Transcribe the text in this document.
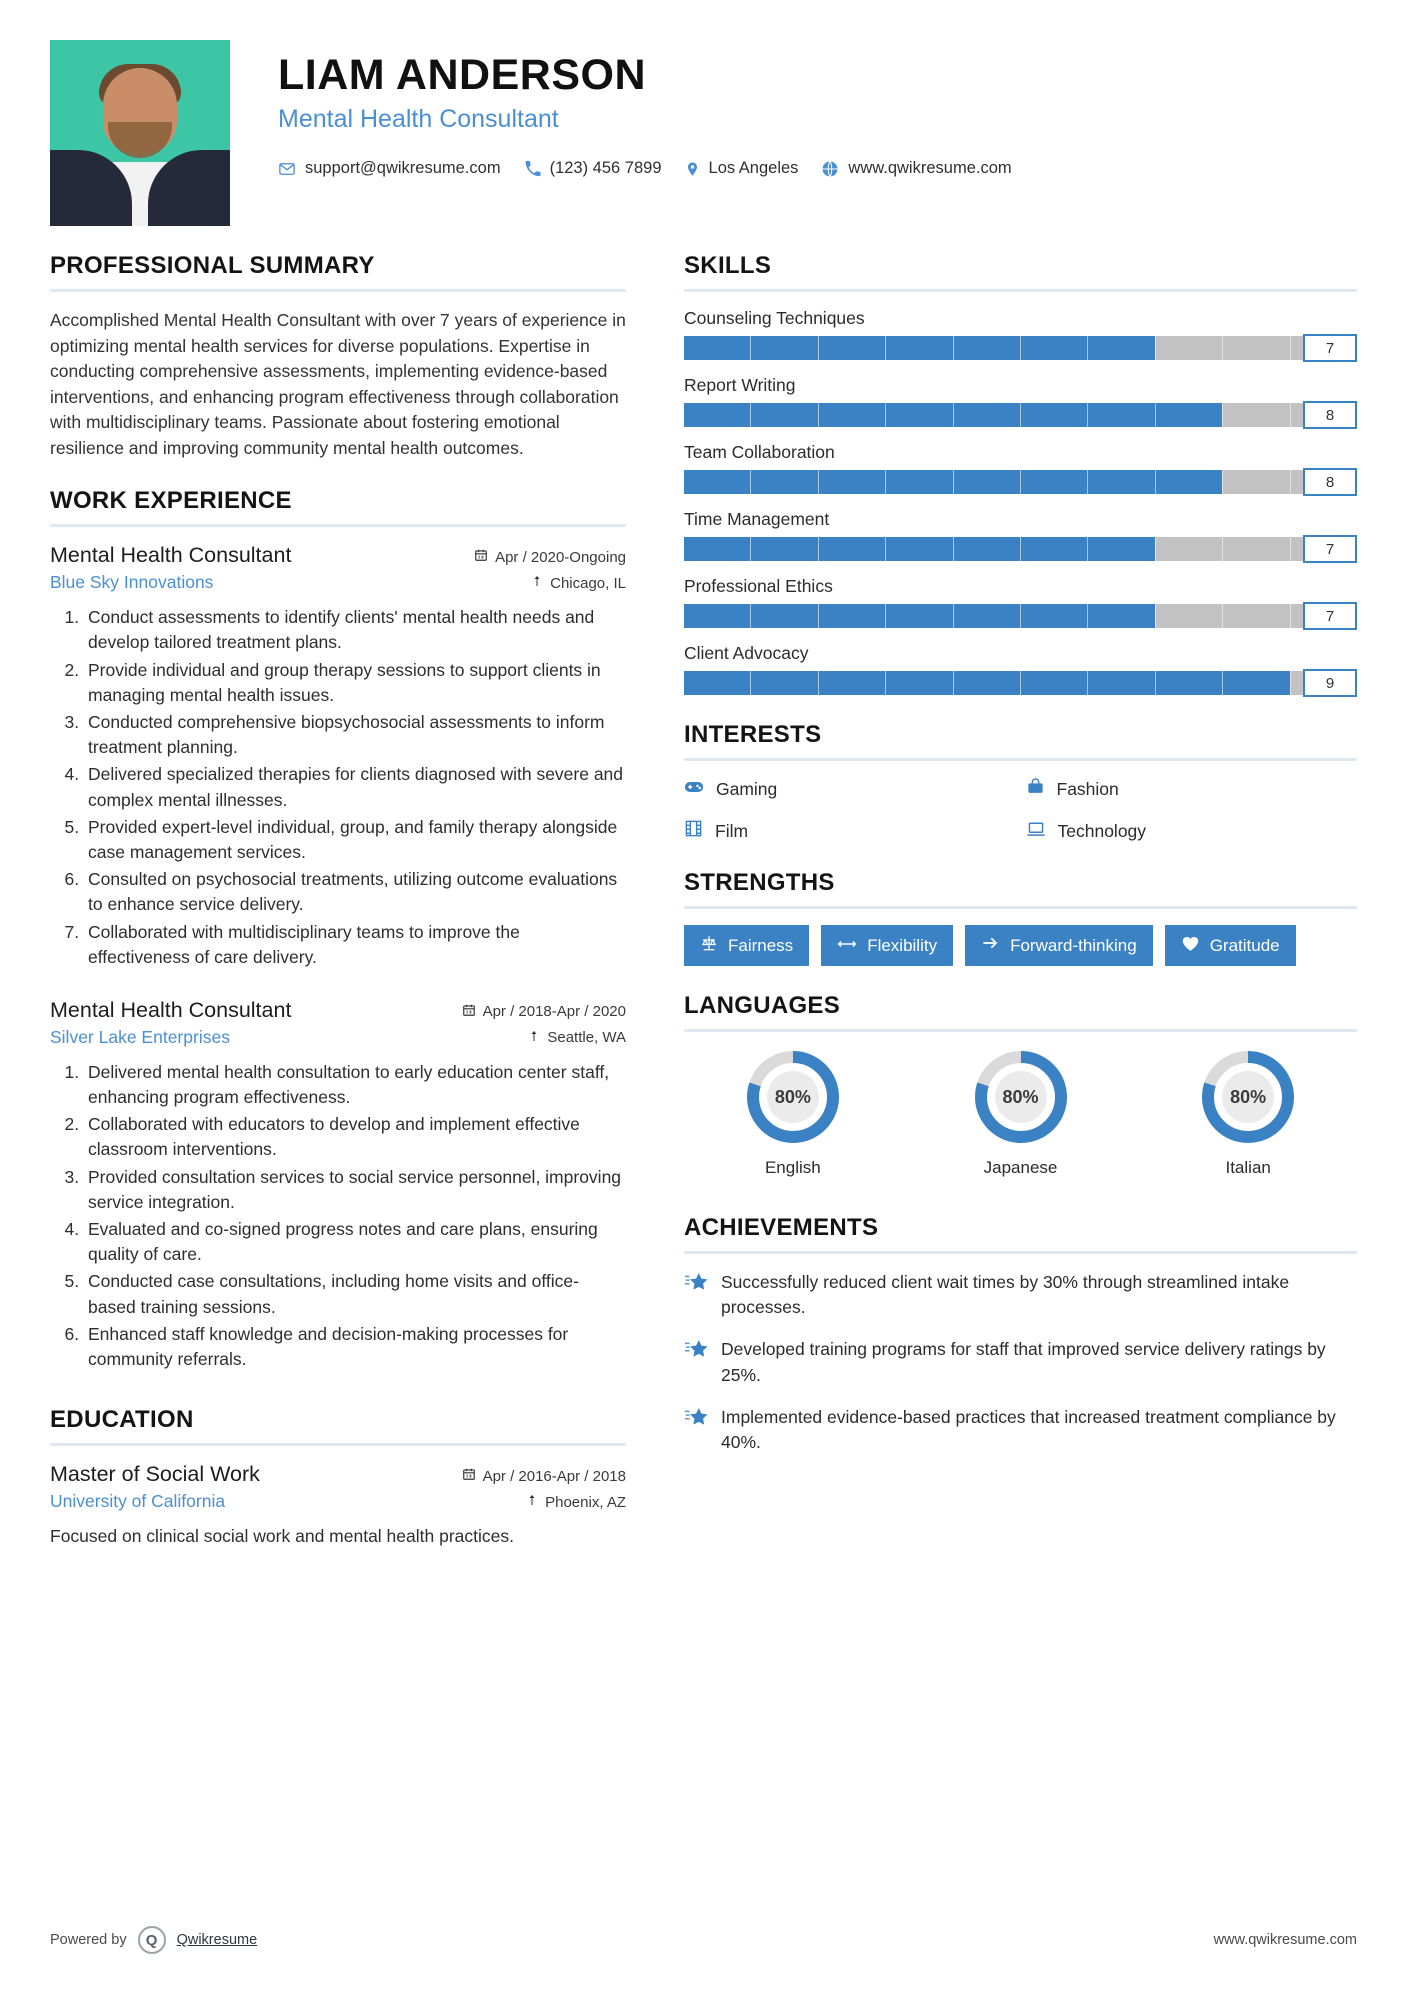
LIAM ANDERSON
Mental Health Consultant
support@qwikresume.com	(123) 456 7899	Los Angeles	www.qwikresume.com
PROFESSIONAL SUMMARY
Accomplished Mental Health Consultant with over 7 years of experience in optimizing mental health services for diverse populations. Expertise in conducting comprehensive assessments, implementing evidence-based interventions, and enhancing program effectiveness through collaboration with multidisciplinary teams. Passionate about fostering emotional resilience and improving community mental health outcomes.
WORK EXPERIENCE
Mental Health Consultant	Apr / 2020-Ongoing
Blue Sky Innovations	Chicago, IL
1. Conduct assessments to identify clients' mental health needs and develop tailored treatment plans.
2. Provide individual and group therapy sessions to support clients in managing mental health issues.
3. Conducted comprehensive biopsychosocial assessments to inform treatment planning.
4. Delivered specialized therapies for clients diagnosed with severe and complex mental illnesses.
5. Provided expert-level individual, group, and family therapy alongside case management services.
6. Consulted on psychosocial treatments, utilizing outcome evaluations to enhance service delivery.
7. Collaborated with multidisciplinary teams to improve the effectiveness of care delivery.
Mental Health Consultant	Apr / 2018-Apr / 2020
Silver Lake Enterprises	Seattle, WA
1. Delivered mental health consultation to early education center staff, enhancing program effectiveness.
2. Collaborated with educators to develop and implement effective classroom interventions.
3. Provided consultation services to social service personnel, improving service integration.
4. Evaluated and co-signed progress notes and care plans, ensuring quality of care.
5. Conducted case consultations, including home visits and office-based training sessions.
6. Enhanced staff knowledge and decision-making processes for community referrals.
EDUCATION
Master of Social Work	Apr / 2016-Apr / 2018
University of California	Phoenix, AZ
Focused on clinical social work and mental health practices.
SKILLS
Counseling Techniques
7
Report Writing
8
Team Collaboration
8
Time Management
7
Professional Ethics
7
Client Advocacy
9
INTERESTS
Gaming	Fashion
Film	Technology
STRENGTHS
Fairness	Flexibility	Forward-thinking	Gratitude
LANGUAGES
80%
English
80%
Japanese
80%
Italian
ACHIEVEMENTS
Successfully reduced client wait times by 30% through streamlined intake processes.
Developed training programs for staff that improved service delivery ratings by 25%.
Implemented evidence-based practices that increased treatment compliance by 40%.
Powered by	Q	Qwikresume	www.qwikresume.com
